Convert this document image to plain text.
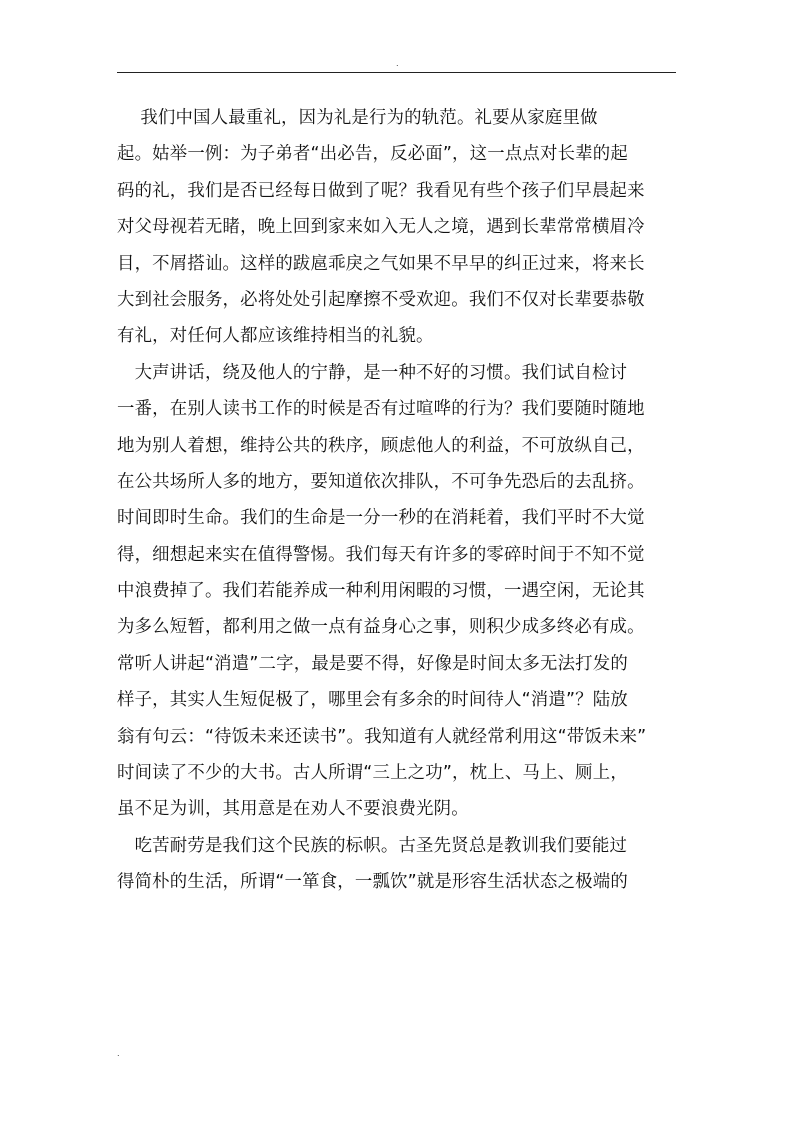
.
　 我们中国人最重礼，因为礼是行为的轨范。礼要从家庭里做
起。姑举一例：为子弟者“出必告，反必面”，这一点点对长辈的起
码的礼，我们是否已经每日做到了呢？我看见有些个孩子们早晨起来
对父母视若无睹，晚上回到家来如入无人之境，遇到长辈常常横眉冷
目，不屑搭讪。这样的跋扈乖戾之气如果不早早的纠正过来，将来长
大到社会服务，必将处处引起摩擦不受欢迎。我们不仅对长辈要恭敬
有礼，对任何人都应该维持相当的礼貌。
　大声讲话，绕及他人的宁静，是一种不好的习惯。我们试自检讨
一番，在别人读书工作的时候是否有过喧哗的行为？我们要随时随地
地为别人着想，维持公共的秩序，顾虑他人的利益，不可放纵自己，
在公共场所人多的地方，要知道依次排队，不可争先恐后的去乱挤。
时间即时生命。我们的生命是一分一秒的在消耗着，我们平时不大觉
得，细想起来实在值得警惕。我们每天有许多的零碎时间于不知不觉
中浪费掉了。我们若能养成一种利用闲暇的习惯，一遇空闲，无论其
为多么短暂，都利用之做一点有益身心之事，则积少成多终必有成。
常听人讲起“消遣”二字，最是要不得，好像是时间太多无法打发的
样子，其实人生短促极了，哪里会有多余的时间待人“消遣”？陆放
翁有句云：“待饭未来还读书”。我知道有人就经常利用这“带饭未来”
时间读了不少的大书。古人所谓“三上之功”，枕上、马上、厕上，
虽不足为训，其用意是在劝人不要浪费光阴。
　吃苦耐劳是我们这个民族的标帜。古圣先贤总是教训我们要能过
得简朴的生活，所谓“一箪食，一瓢饮”就是形容生活状态之极端的
.
